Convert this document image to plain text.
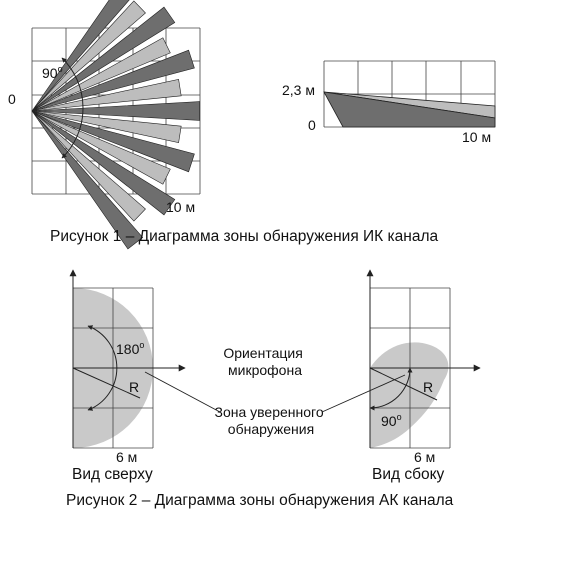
90$^o$
0
10 м
2,3 м
0
10 м
Рисунок 1 – Диаграмма зоны обнаружения ИК канала
180$^o$
R
6 м
Вид сверху
90$^o$
R
6 м
Вид сбоку
Ориентация микрофона
Зона уверенного обнаружения
Рисунок 2 – Диаграмма зоны обнаружения АК канала
